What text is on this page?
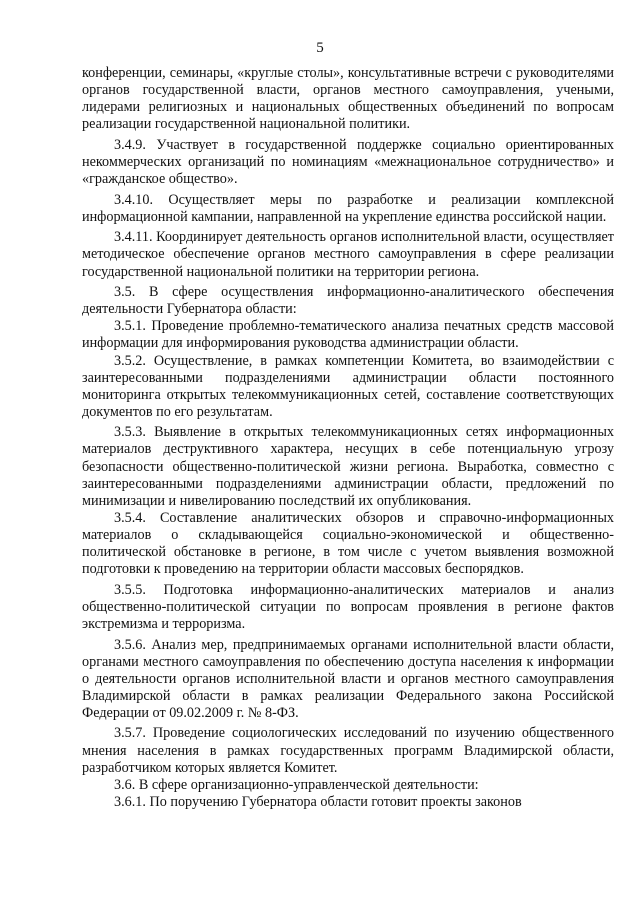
5

конференции, семинары, «круглые столы», консультативные встречи с руководителями органов государственной власти, органов местного самоуправления, учеными, лидерами религиозных и национальных общественных объединений по вопросам реализации государственной национальной политики.

3.4.9. Участвует в государственной поддержке социально ориентированных некоммерческих организаций по номинациям «межнациональное сотрудничество» и «гражданское общество».

3.4.10. Осуществляет меры по разработке и реализации комплексной информационной кампании, направленной на укрепление единства российской нации.

3.4.11. Координирует деятельность органов исполнительной власти, осуществляет методическое обеспечение органов местного самоуправления в сфере реализации государственной национальной политики на территории региона.

3.5. В сфере осуществления информационно-аналитического обеспечения деятельности Губернатора области:

3.5.1. Проведение проблемно-тематического анализа печатных средств массовой информации для информирования руководства администрации области.

3.5.2. Осуществление, в рамках компетенции Комитета, во взаимодействии с заинтересованными подразделениями администрации области постоянного мониторинга открытых телекоммуникационных сетей, составление соответствующих документов по его результатам.

3.5.3. Выявление в открытых телекоммуникационных сетях информационных материалов деструктивного характера, несущих в себе потенциальную угрозу безопасности общественно-политической жизни региона. Выработка, совместно с заинтересованными подразделениями администрации области, предложений по минимизации и нивелированию последствий их опубликования.

3.5.4. Составление аналитических обзоров и справочно-информационных материалов о складывающейся социально-экономической и общественно-политической обстановке в регионе, в том числе с учетом выявления возможной подготовки к проведению на территории области массовых беспорядков.

3.5.5. Подготовка информационно-аналитических материалов и анализ общественно-политической ситуации по вопросам проявления в регионе фактов экстремизма и терроризма.

3.5.6. Анализ мер, предпринимаемых органами исполнительной власти области, органами местного самоуправления по обеспечению доступа населения к информации о деятельности органов исполнительной власти и органов местного самоуправления Владимирской области в рамках реализации Федерального закона Российской Федерации от 09.02.2009 г. № 8-ФЗ.

3.5.7. Проведение социологических исследований по изучению общественного мнения населения в рамках государственных программ Владимирской области, разработчиком которых является Комитет.

3.6. В сфере организационно-управленческой деятельности:

3.6.1. По поручению Губернатора области готовит проекты законов
